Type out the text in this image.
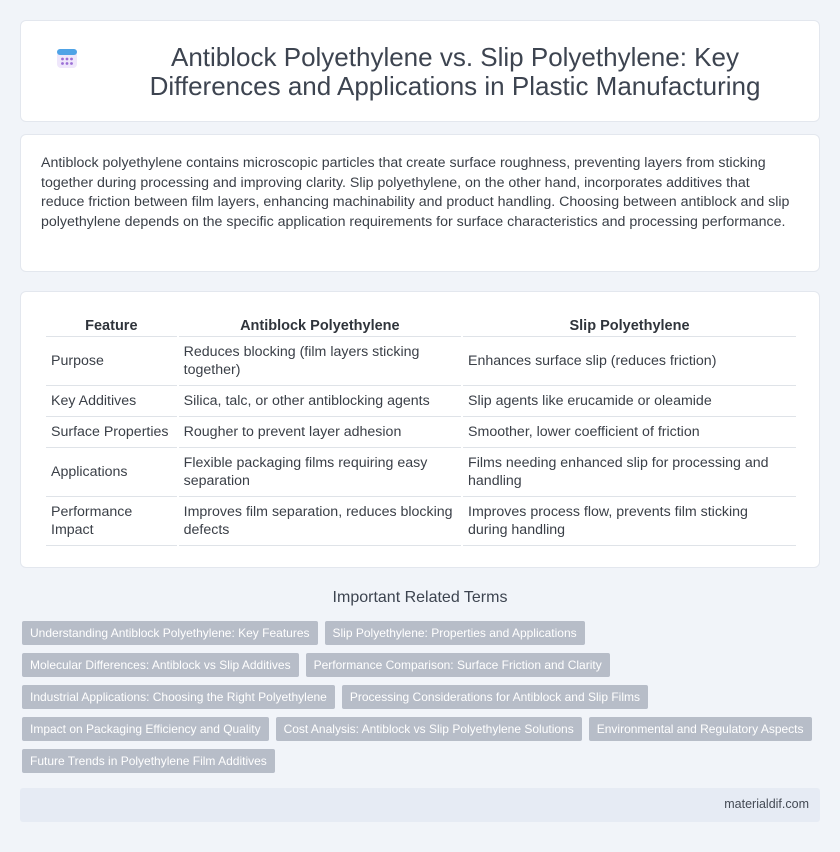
Antiblock Polyethylene vs. Slip Polyethylene: Key Differences and Applications in Plastic Manufacturing

Antiblock polyethylene contains microscopic particles that create surface roughness, preventing layers from sticking together during processing and improving clarity. Slip polyethylene, on the other hand, incorporates additives that reduce friction between film layers, enhancing machinability and product handling. Choosing between antiblock and slip polyethylene depends on the specific application requirements for surface characteristics and processing performance.

Feature	Antiblock Polyethylene	Slip Polyethylene
Purpose	Reduces blocking (film layers sticking together)	Enhances surface slip (reduces friction)
Key Additives	Silica, talc, or other antiblocking agents	Slip agents like erucamide or oleamide
Surface Properties	Rougher to prevent layer adhesion	Smoother, lower coefficient of friction
Applications	Flexible packaging films requiring easy separation	Films needing enhanced slip for processing and handling
Performance Impact	Improves film separation, reduces blocking defects	Improves process flow, prevents film sticking during handling
Important Related Terms
Understanding Antiblock Polyethylene: Key Features	Slip Polyethylene: Properties and Applications
Molecular Differences: Antiblock vs Slip Additives	Performance Comparison: Surface Friction and Clarity
Industrial Applications: Choosing the Right Polyethylene	Processing Considerations for Antiblock and Slip Films
Impact on Packaging Efficiency and Quality	Cost Analysis: Antiblock vs Slip Polyethylene Solutions	Environmental and Regulatory Aspects
Future Trends in Polyethylene Film Additives
materialdif.com
